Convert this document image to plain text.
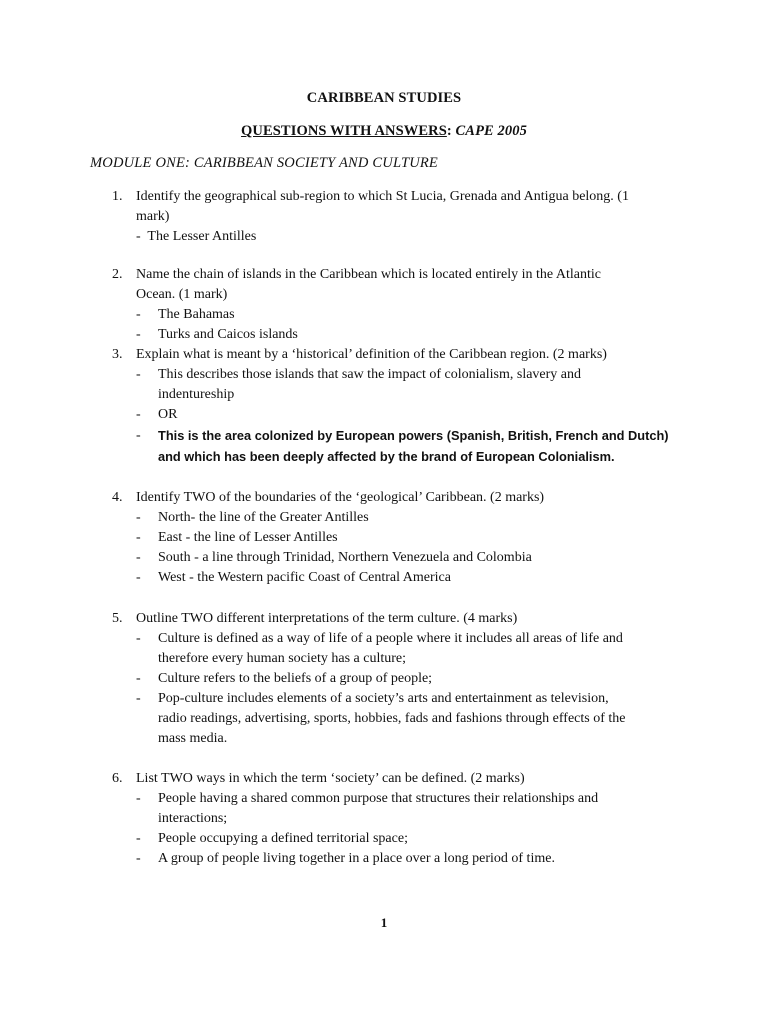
CARIBBEAN STUDIES
QUESTIONS WITH ANSWERS: CAPE 2005
MODULE ONE: CARIBBEAN SOCIETY AND CULTURE
1. Identify the geographical sub-region to which St Lucia, Grenada and Antigua belong. (1
mark)
- The Lesser Antilles
2. Name the chain of islands in the Caribbean which is located entirely in the Atlantic
Ocean. (1 mark)
- The Bahamas
- Turks and Caicos islands
3. Explain what is meant by a ‘historical’ definition of the Caribbean region. (2 marks)
- This describes those islands that saw the impact of colonialism, slavery and
indentureship
- OR
- This is the area colonized by European powers (Spanish, British, French and Dutch)
and which has been deeply affected by the brand of European Colonialism.
4. Identify TWO of the boundaries of the ‘geological’ Caribbean. (2 marks)
- North- the line of the Greater Antilles
- East - the line of Lesser Antilles
- South - a line through Trinidad, Northern Venezuela and Colombia
- West - the Western pacific Coast of Central America
5. Outline TWO different interpretations of the term culture. (4 marks)
- Culture is defined as a way of life of a people where it includes all areas of life and
therefore every human society has a culture;
- Culture refers to the beliefs of a group of people;
- Pop-culture includes elements of a society’s arts and entertainment as television,
radio readings, advertising, sports, hobbies, fads and fashions through effects of the
mass media.
6. List TWO ways in which the term ‘society’ can be defined. (2 marks)
- People having a shared common purpose that structures their relationships and
interactions;
- People occupying a defined territorial space;
- A group of people living together in a place over a long period of time.
1
